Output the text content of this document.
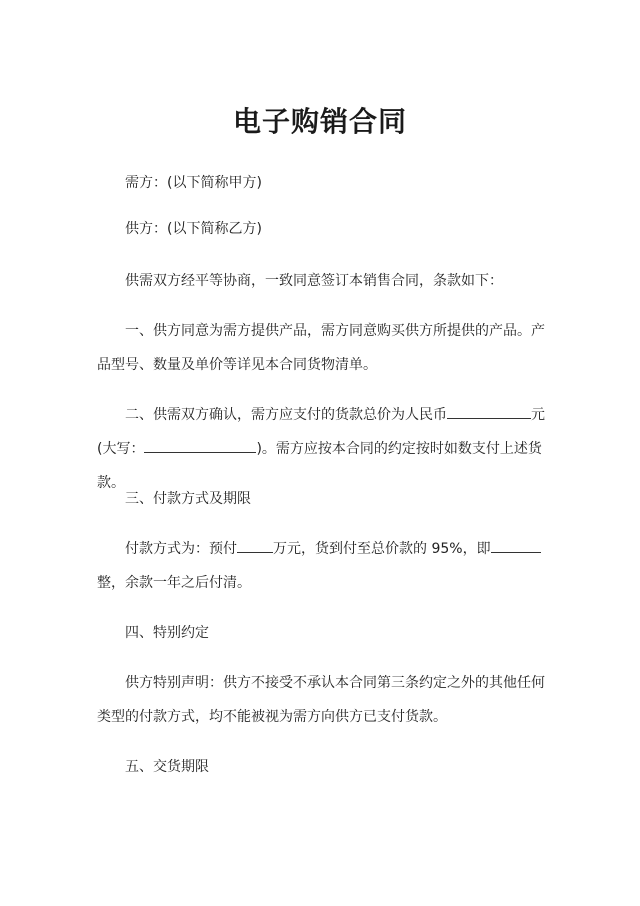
电子购销合同

需方：(以下简称甲方)

供方：(以下简称乙方)

供需双方经平等协商，一致同意签订本销售合同，条款如下：

一、供方同意为需方提供产品，需方同意购买供方所提供的产品。产品型号、数量及单价等详见本合同货物清单。

二、供需双方确认，需方应支付的货款总价为人民币	元(大写：	)。需方应按本合同的约定按时如数支付上述货款。

三、付款方式及期限

付款方式为：预付	万元，货到付至总价款的 95%，即整，余款一年之后付清。

四、特别约定

供方特别声明：供方不接受不承认本合同第三条约定之外的其他任何类型的付款方式，均不能被视为需方向供方已支付货款。

五、交货期限
